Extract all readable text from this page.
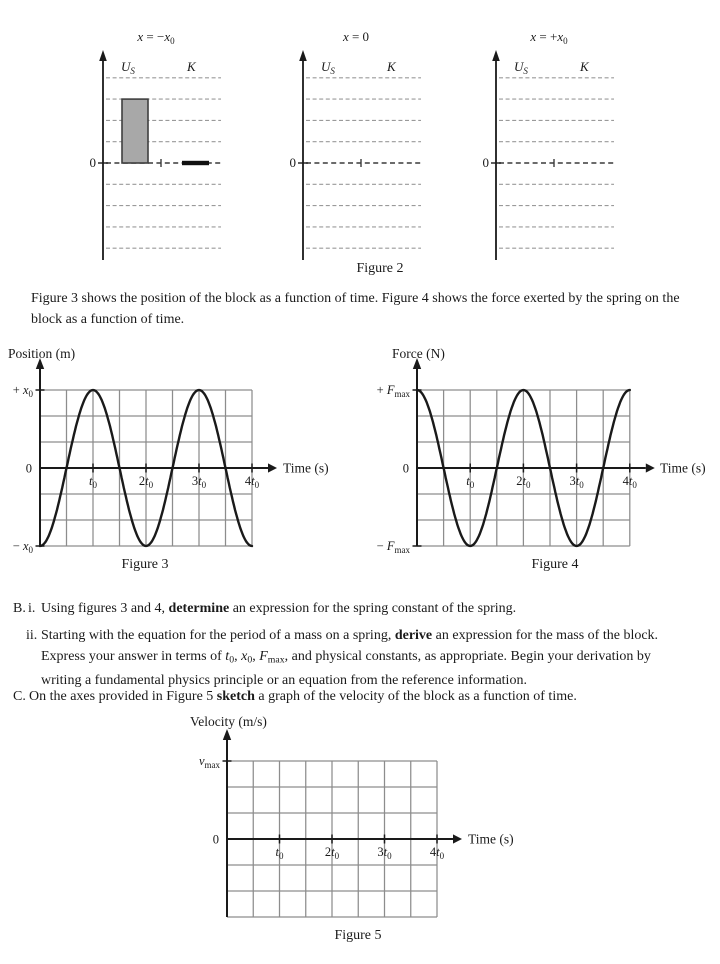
$x = -x_0$
$U_S$	K
0
x = 0
$U_S$	K
0
$x = +x_0$
$U_S$	K
0
Figure 2
Figure 3 shows the position of the block as a function of time. Figure 4 shows the force exerted by the spring on the block as a function of time.
$t_0$	$2t_0$	$3t_0$	$4t_0$
+ $x_0$
0
− $x_0$
Position (m)
Time (s)
Figure 3
$t_0$	$2t_0$	$3t_0$	$4t_0$
+ $F_{max}$
0
− $F_{max}$
Force (N)
Time (s)
Figure 4
B. i. Using figures 3 and 4, determine an expression for the spring constant of the spring.
ii. Starting with the equation for the period of a mass on a spring, derive an expression for the mass of the block. Express your answer in terms of t0, x0, Fmax, and physical constants, as appropriate. Begin your derivation by writing a fundamental physics principle or an equation from the reference information.
C. On the axes provided in Figure 5 sketch a graph of the velocity of the block as a function of time.
$t_0$	$2t_0$	$3t_0$	$4t_0$
$v_{max}$
0
Velocity (m/s)
Time (s)
Figure 5
